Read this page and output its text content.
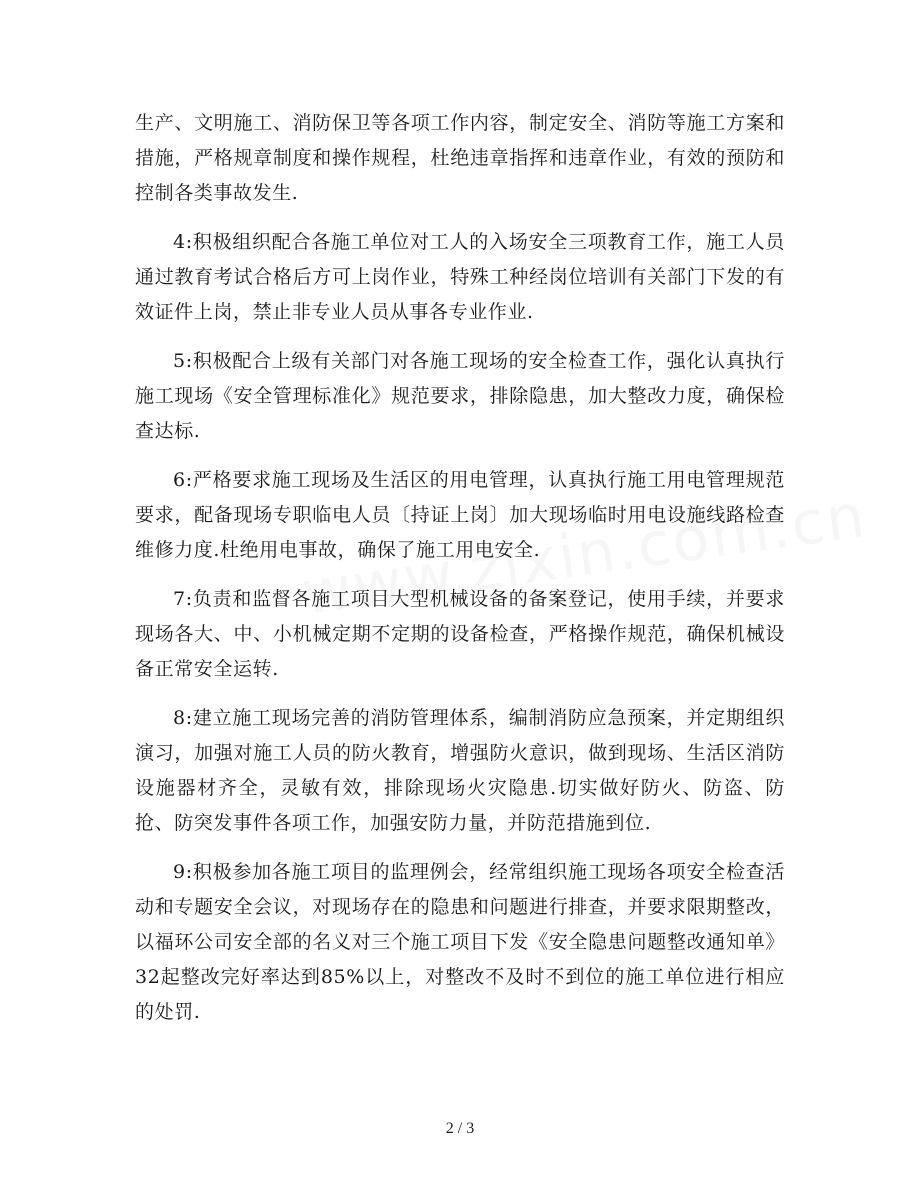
生产、文明施工、消防保卫等各项工作内容，制定安全、消防等施工方案和措施，严格规章制度和操作规程，杜绝违章指挥和违章作业，有效的预防和控制各类事故发生.

4:积极组织配合各施工单位对工人的入场安全三项教育工作，施工人员通过教育考试合格后方可上岗作业，特殊工种经岗位培训有关部门下发的有效证件上岗，禁止非专业人员从事各专业作业.

5:积极配合上级有关部门对各施工现场的安全检查工作，强化认真执行施工现场《安全管理标准化》规范要求，排除隐患，加大整改力度，确保检查达标.

6:严格要求施工现场及生活区的用电管理，认真执行施工用电管理规范要求，配备现场专职临电人员〔持证上岗〕加大现场临时用电设施线路检查维修力度.杜绝用电事故，确保了施工用电安全.

7:负责和监督各施工项目大型机械设备的备案登记，使用手续，并要求现场各大、中、小机械定期不定期的设备检查，严格操作规范，确保机械设备正常安全运转.

8:建立施工现场完善的消防管理体系，编制消防应急预案，并定期组织演习，加强对施工人员的防火教育，增强防火意识，做到现场、生活区消防设施器材齐全，灵敏有效，排除现场火灾隐患.切实做好防火、防盗、防抢、防突发事件各项工作，加强安防力量，并防范措施到位.

9:积极参加各施工项目的监理例会，经常组织施工现场各项安全检查活动和专题安全会议，对现场存在的隐患和问题进行排查，并要求限期整改，以福环公司安全部的名义对三个施工项目下发《安全隐患问题整改通知单》32起整改完好率达到85%以上，对整改不及时不到位的施工单位进行相应的处罚.

2 / 3
